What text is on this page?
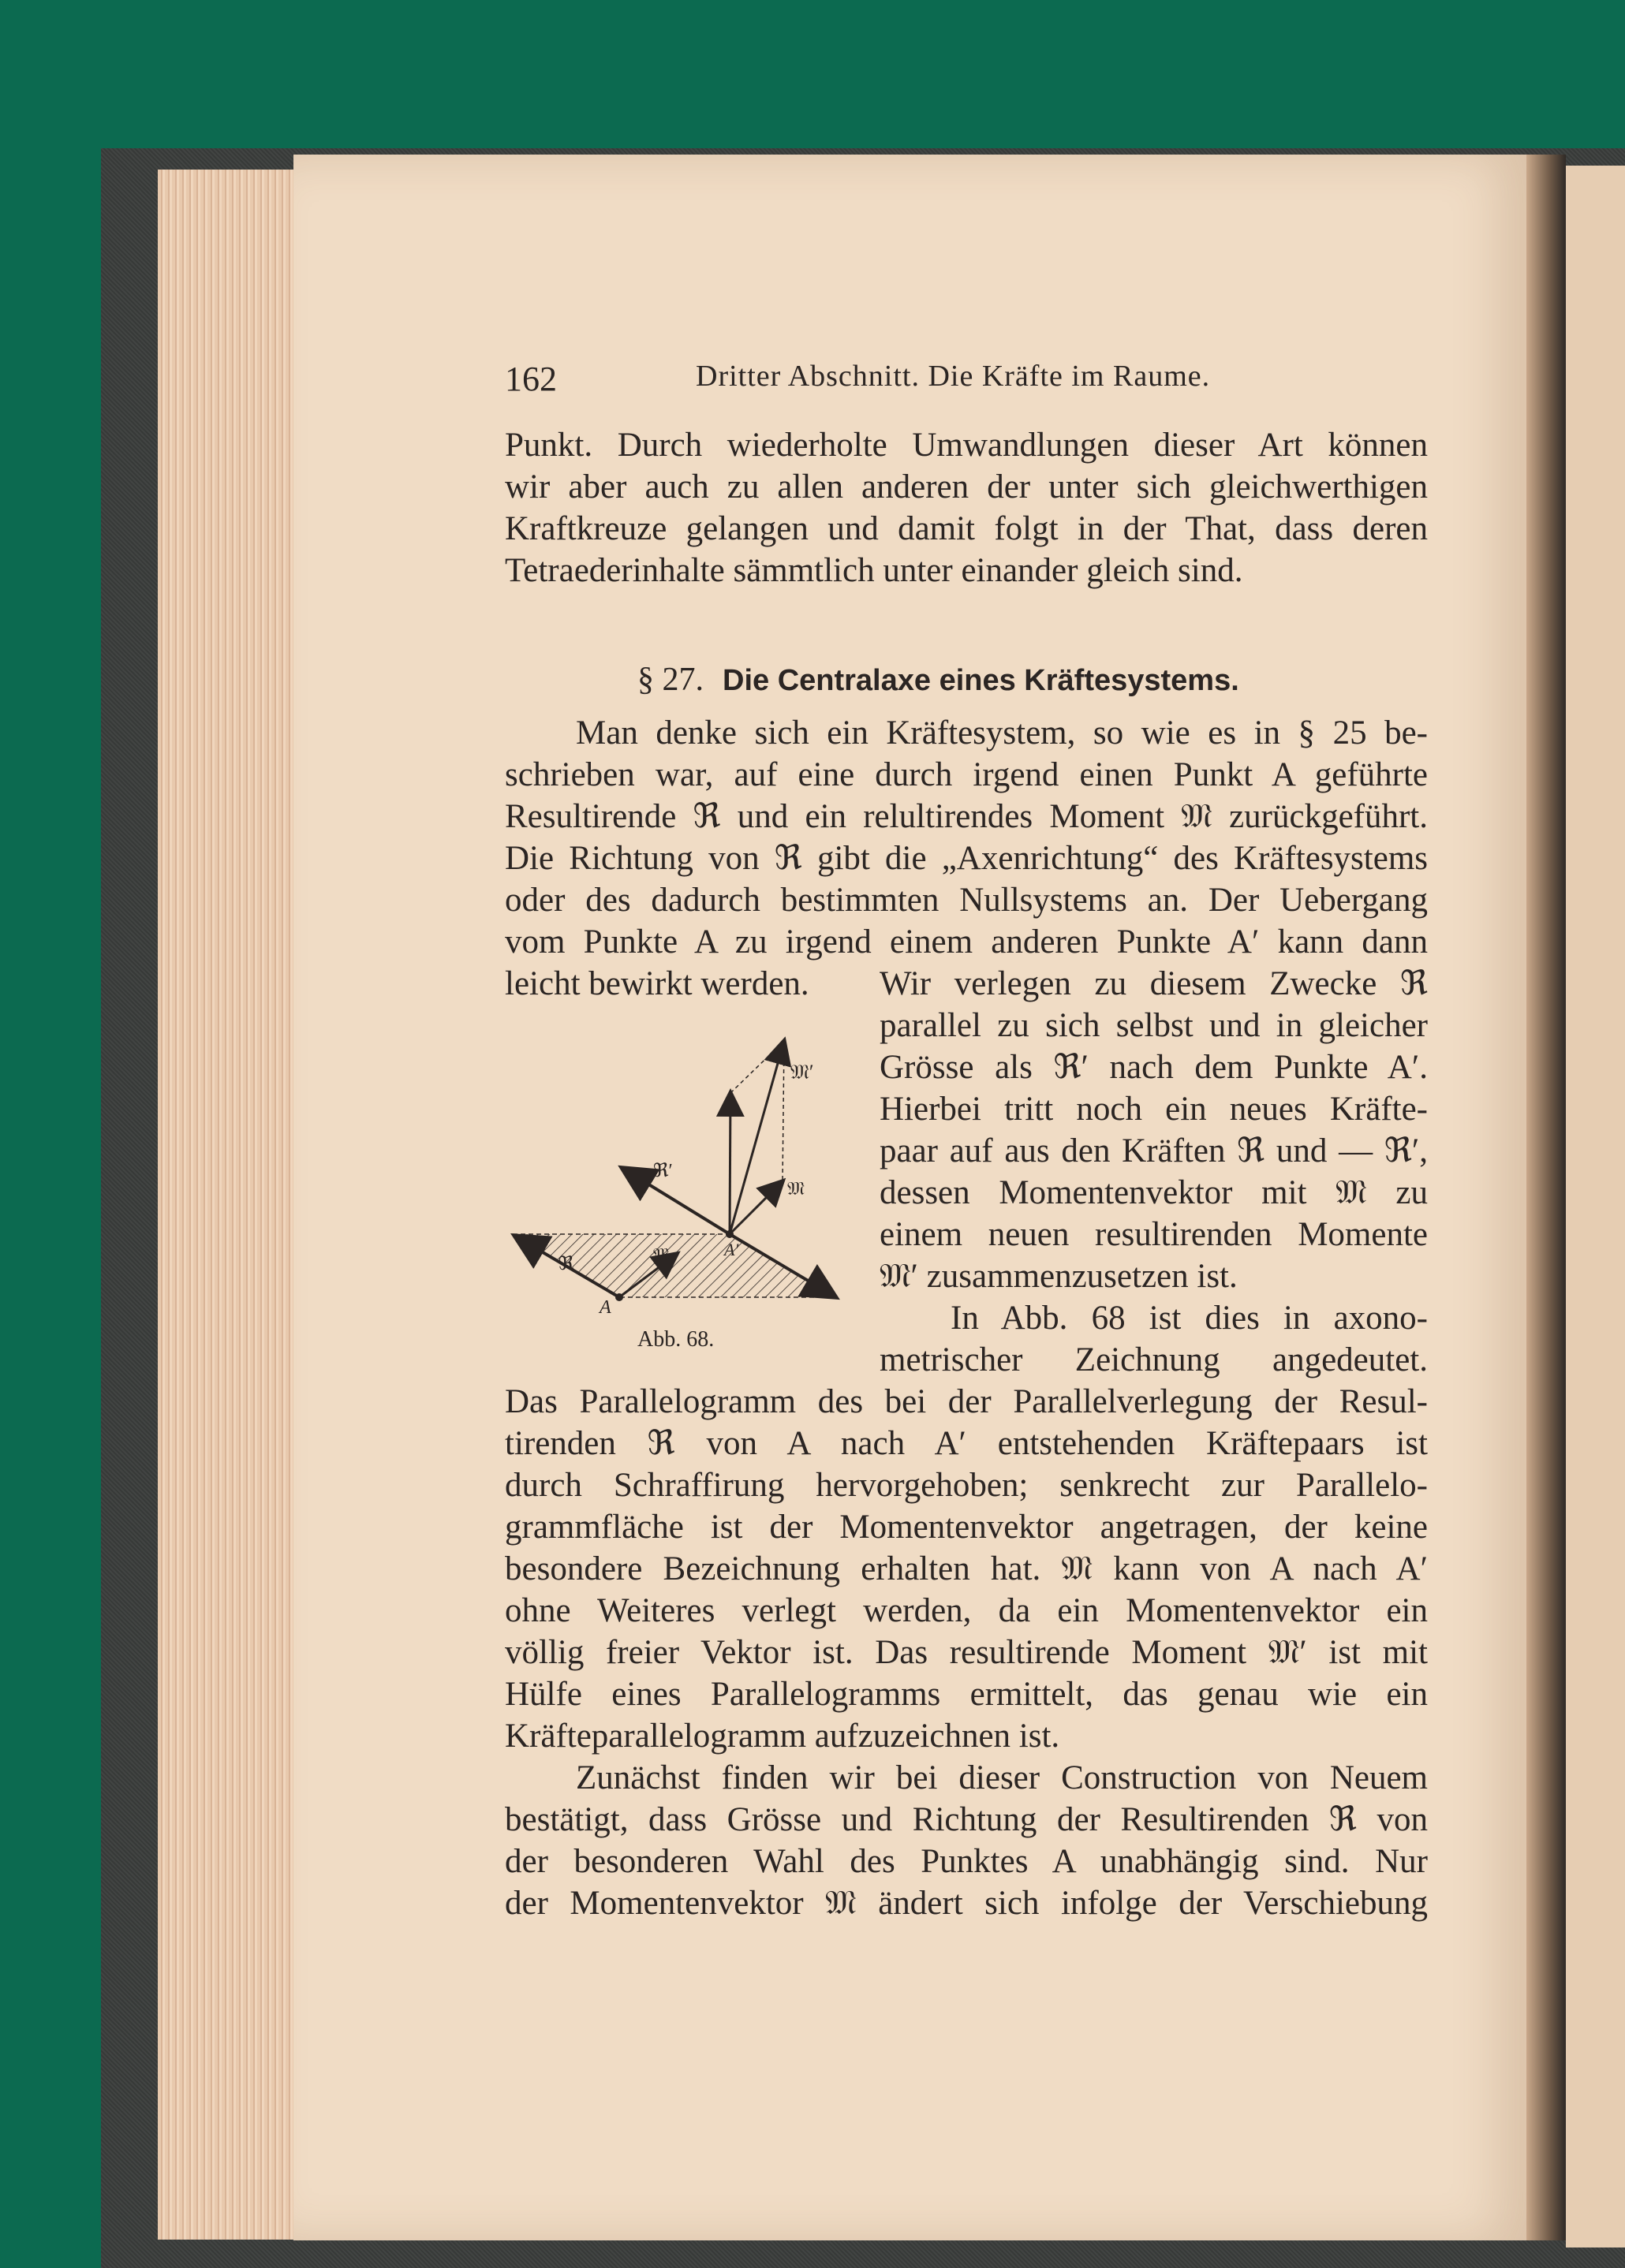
162	Dritter Abschnitt. Die Kräfte im Raume.
Punkt. Durch wiederholte Umwandlungen dieser Art können
wir aber auch zu allen anderen der unter sich gleichwerthigen
Kraftkreuze gelangen und damit folgt in der That, dass deren
Tetraederinhalte sämmtlich unter einander gleich sind.
§ 27. Die Centralaxe eines Kräftesystems.
Man denke sich ein Kräftesystem, so wie es in § 25 be-
schrieben war, auf eine durch irgend einen Punkt A geführte
Resultirende ℜ und ein relultirendes Moment 𝔐 zurückgeführt.
Die Richtung von ℜ gibt die „Axenrichtung“ des Kräftesystems
oder des dadurch bestimmten Nullsystems an. Der Uebergang
vom Punkte A zu irgend einem anderen Punkte A′ kann dann
leicht bewirkt werden.	Wir verlegen zu diesem Zwecke ℜ
parallel zu sich selbst und in gleicher
Grösse als ℜ′ nach dem Punkte A′.
Hierbei tritt noch ein neues Kräfte-
paar auf aus den Kräften ℜ und — ℜ′,
dessen Momentenvektor mit 𝔐 zu
einem neuen resultirenden Momente
𝔐′ zusammenzusetzen ist.
In Abb. 68 ist dies in axono-
metrischer Zeichnung angedeutet.
𝔐′
ℜ′
𝔐
𝔐	A′
ℜ
A
Abb. 68.
Das Parallelogramm des bei der Parallelverlegung der Resul-
tirenden ℜ von A nach A′ entstehenden Kräftepaars ist
durch Schraffirung hervorgehoben; senkrecht zur Parallelo-
grammfläche ist der Momentenvektor angetragen, der keine
besondere Bezeichnung erhalten hat. 𝔐 kann von A nach A′
ohne Weiteres verlegt werden, da ein Momentenvektor ein
völlig freier Vektor ist. Das resultirende Moment 𝔐′ ist mit
Hülfe eines Parallelogramms ermittelt, das genau wie ein
Kräfteparallelogramm aufzuzeichnen ist.
Zunächst finden wir bei dieser Construction von Neuem
bestätigt, dass Grösse und Richtung der Resultirenden ℜ von
der besonderen Wahl des Punktes A unabhängig sind. Nur
der Momentenvektor 𝔐 ändert sich infolge der Verschiebung
